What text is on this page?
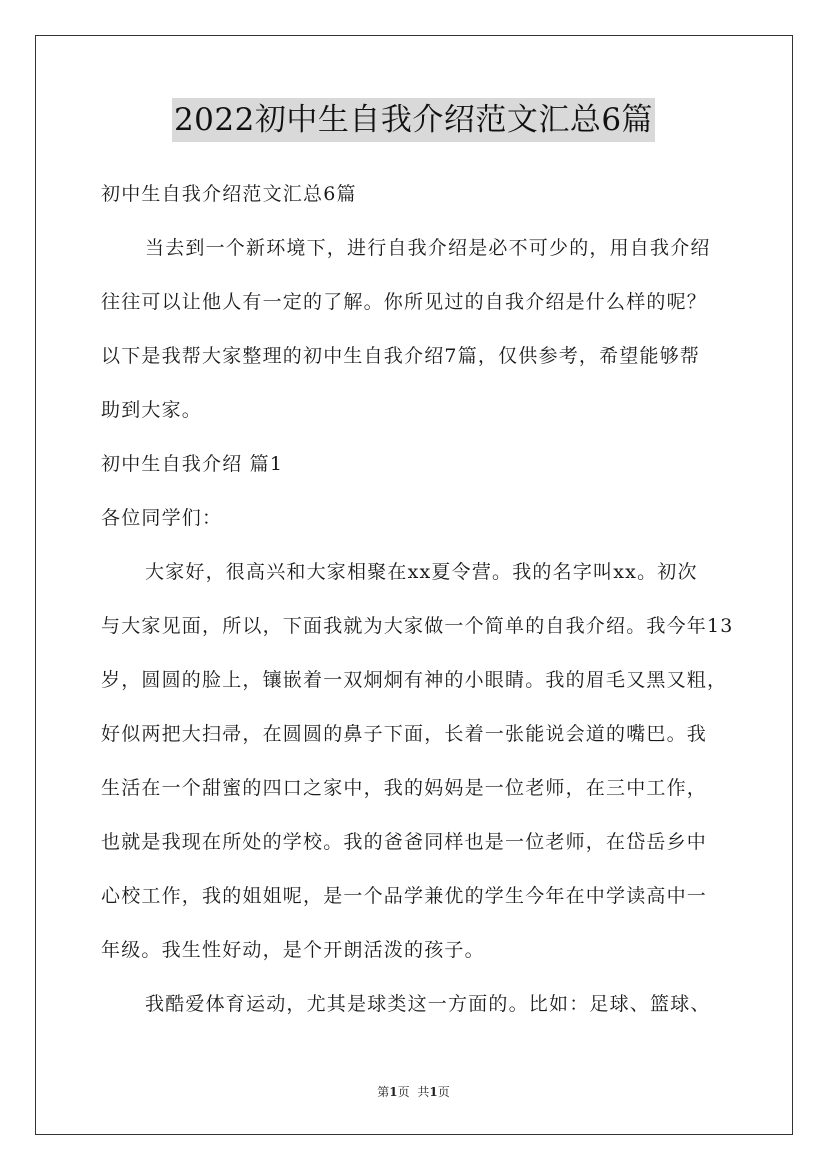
2022初中生自我介绍范文汇总6篇
初中生自我介绍范文汇总6篇
当去到一个新环境下，进行自我介绍是必不可少的，用自我介绍
往往可以让他人有一定的了解。你所见过的自我介绍是什么样的呢？
以下是我帮大家整理的初中生自我介绍7篇，仅供参考，希望能够帮
助到大家。
初中生自我介绍 篇1
各位同学们：
大家好，很高兴和大家相聚在xx夏令营。我的名字叫xx。初次
与大家见面，所以，下面我就为大家做一个简单的自我介绍。我今年13
岁，圆圆的脸上，镶嵌着一双炯炯有神的小眼睛。我的眉毛又黑又粗，
好似两把大扫帚，在圆圆的鼻子下面，长着一张能说会道的嘴巴。我
生活在一个甜蜜的四口之家中，我的妈妈是一位老师，在三中工作，
也就是我现在所处的学校。我的爸爸同样也是一位老师，在岱岳乡中
心校工作，我的姐姐呢，是一个品学兼优的学生今年在中学读高中一
年级。我生性好动，是个开朗活泼的孩子。
我酷爱体育运动，尤其是球类这一方面的。比如：足球、篮球、
第1页 共1页
